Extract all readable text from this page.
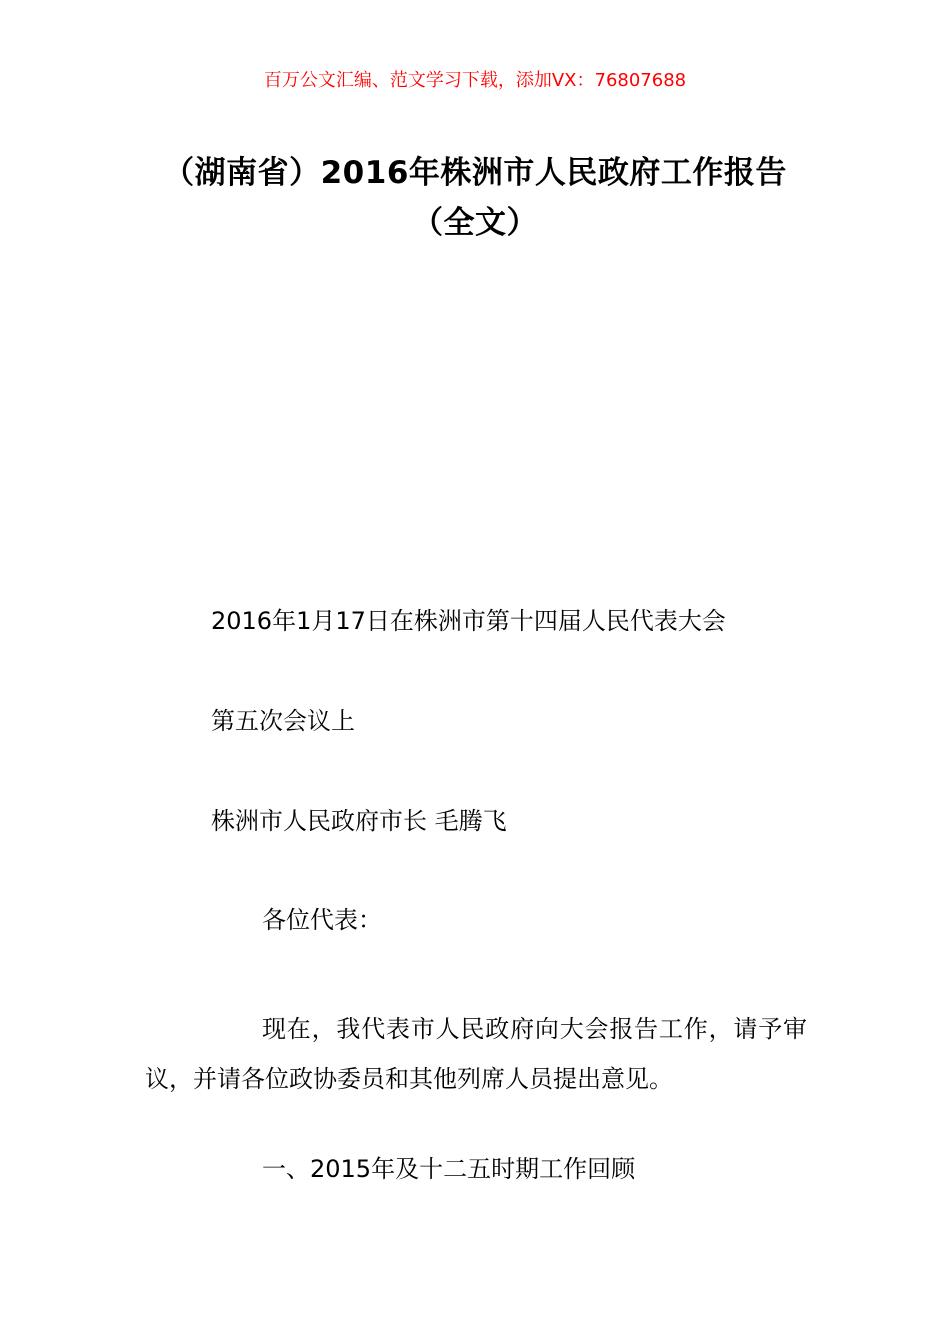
百万公文汇编、范文学习下载，添加VX：76807688
（湖南省）2016年株洲市人民政府工作报告（全文）
2016年1月17日在株洲市第十四届人民代表大会
第五次会议上
株洲市人民政府市长 毛腾飞
各位代表：
现在，我代表市人民政府向大会报告工作，请予审议，并请各位政协委员和其他列席人员提出意见。
一、2015年及十二五时期工作回顾
